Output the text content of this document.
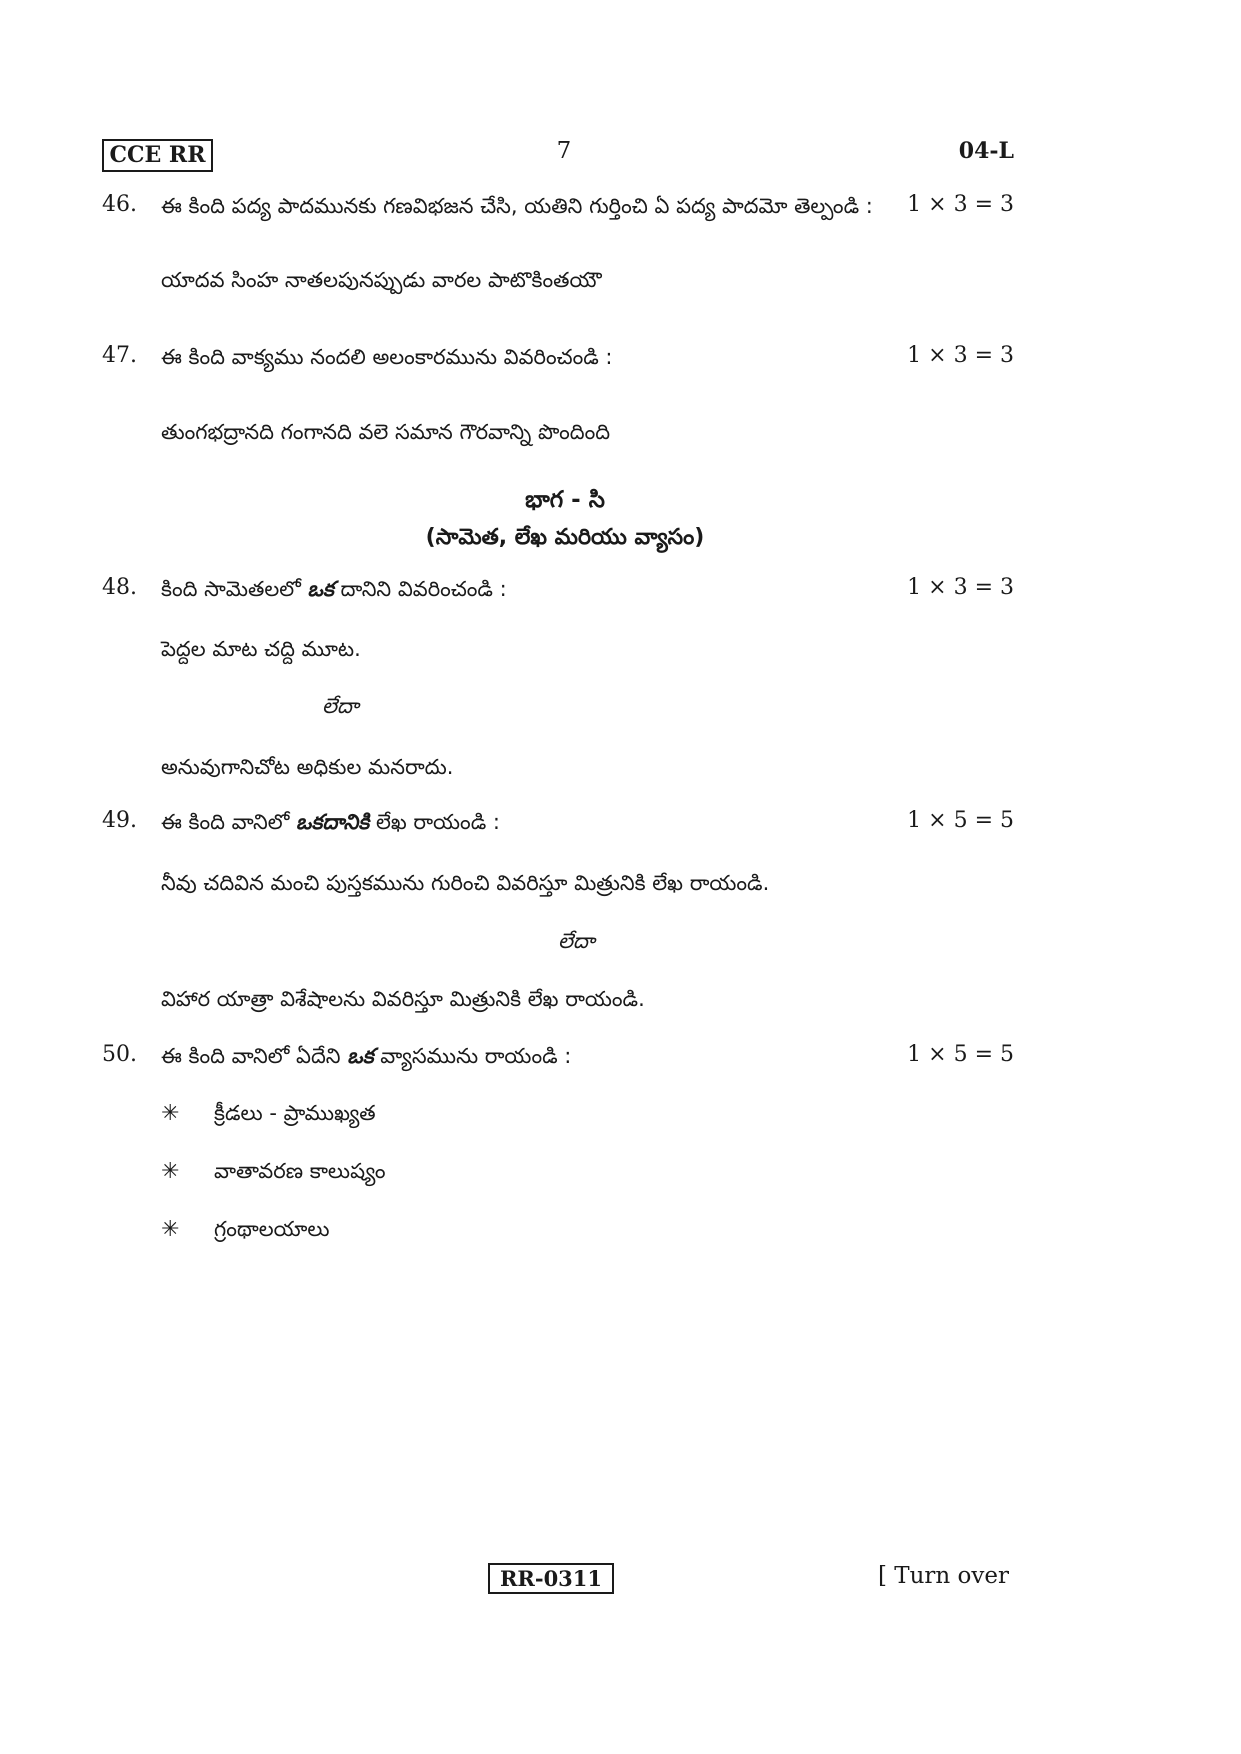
CCE RR	7	04-L
46. ఈ కింది పద్య పాదమునకు గణవిభజన చేసి, యతిని గుర్తించి ఏ పద్య పాదమో తెల్పండి : 1 × 3 = 3
యాదవ సింహ నాతలపునప్పుడు వారల పాటొకింతయౌ
47. ఈ కింది వాక్యము నందలి అలంకారమును వివరించండి :	1 × 3 = 3
తుంగభద్రానది గంగానది వలె సమాన గౌరవాన్ని పొందింది
భాగ - సి
(సామెత, లేఖ మరియు వ్యాసం)
48. కింది సామెతలలో ఒక దానిని వివరించండి :	1 × 3 = 3
పెద్దల మాట చద్ది మూట.
లేదా
అనువుగానిచోట అధికుల మనరాదు.
49. ఈ కింది వానిలో ఒకదానికి లేఖ రాయండి :	1 × 5 = 5
నీవు చదివిన మంచి పుస్తకమును గురించి వివరిస్తూ మిత్రునికి లేఖ రాయండి.
లేదా
విహార యాత్రా విశేషాలను వివరిస్తూ మిత్రునికి లేఖ రాయండి.
50. ఈ కింది వానిలో ఏదేని ఒక వ్యాసమును రాయండి :	1 × 5 = 5
✳ క్రీడలు - ప్రాముఖ్యత
✳ వాతావరణ కాలుష్యం
✳ గ్రంథాలయాలు
RR-0311	[ Turn over
